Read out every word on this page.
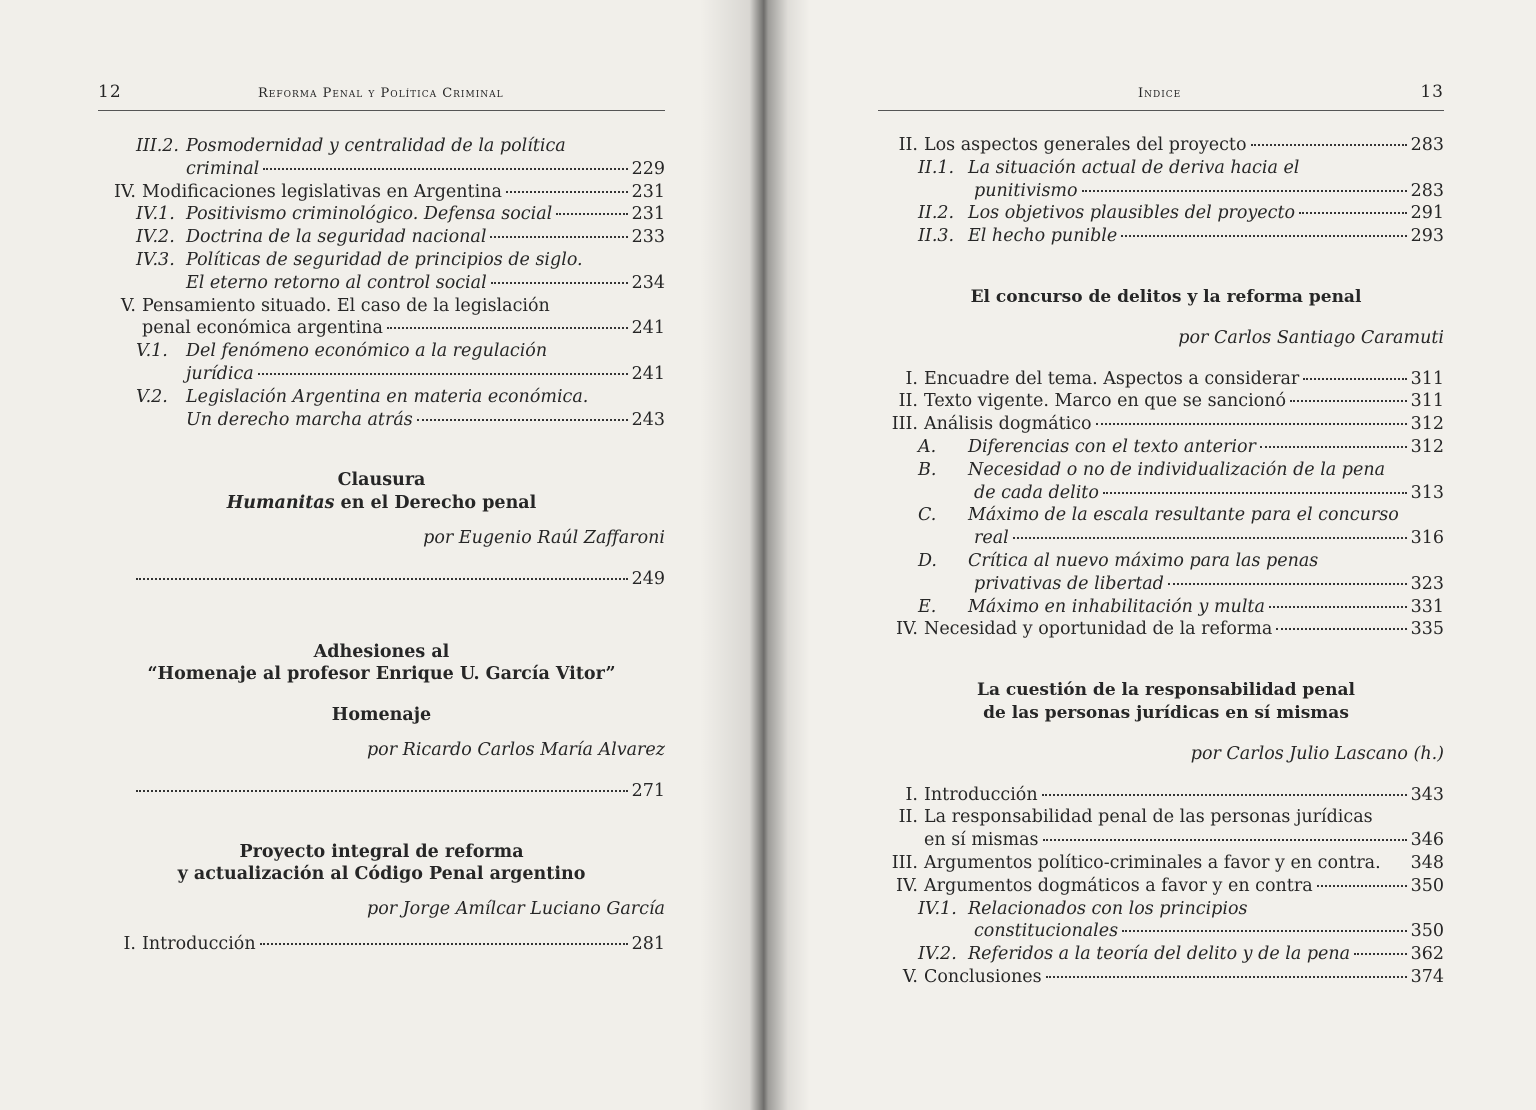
12	Reforma Penal y Política Criminal
III.2. Posmodernidad y centralidad de la política
criminal	229
IV. Modificaciones legislativas en Argentina	231
IV.1. Positivismo criminológico. Defensa social	231
IV.2. Doctrina de la seguridad nacional	233
IV.3. Políticas de seguridad de principios de siglo.
El eterno retorno al control social	234
V. Pensamiento situado. El caso de la legislación
penal económica argentina	241
V.1.	Del fenómeno económico a la regulación
jurídica	241
V.2.	Legislación Argentina en materia económica.
Un derecho marcha atrás	243
Clausura
Humanitas en el Derecho penal
por Eugenio Raúl Zaffaroni
249
Adhesiones al
“Homenaje al profesor Enrique U. García Vitor”
Homenaje
por Ricardo Carlos María Alvarez
271
Proyecto integral de reforma
y actualización al Código Penal argentino
por Jorge Amílcar Luciano García
I. Introducción	281
Indice	13
II. Los aspectos generales del proyecto	283
II.1. La situación actual de deriva hacia el
punitivismo	283
II.2. Los objetivos plausibles del proyecto	291
II.3. El hecho punible	293
El concurso de delitos y la reforma penal
por Carlos Santiago Caramuti
I. Encuadre del tema. Aspectos a considerar	311
II. Texto vigente. Marco en que se sancionó	311
III. Análisis dogmático	312
A.	Diferencias con el texto anterior	312
B.	Necesidad o no de individualización de la pena
de cada delito	313
C.	Máximo de la escala resultante para el concurso
real	316
D.	Crítica al nuevo máximo para las penas
privativas de libertad	323
E.	Máximo en inhabilitación y multa	331
IV. Necesidad y oportunidad de la reforma	335
La cuestión de la responsabilidad penal
de las personas jurídicas en sí mismas
por Carlos Julio Lascano (h.)
I. Introducción	343
II. La responsabilidad penal de las personas jurídicas
en sí mismas	346
III. Argumentos político-criminales a favor y en contra. 348
IV. Argumentos dogmáticos a favor y en contra	350
IV.1. Relacionados con los principios
constitucionales	350
IV.2. Referidos a la teoría del delito y de la pena	362
V. Conclusiones	374
